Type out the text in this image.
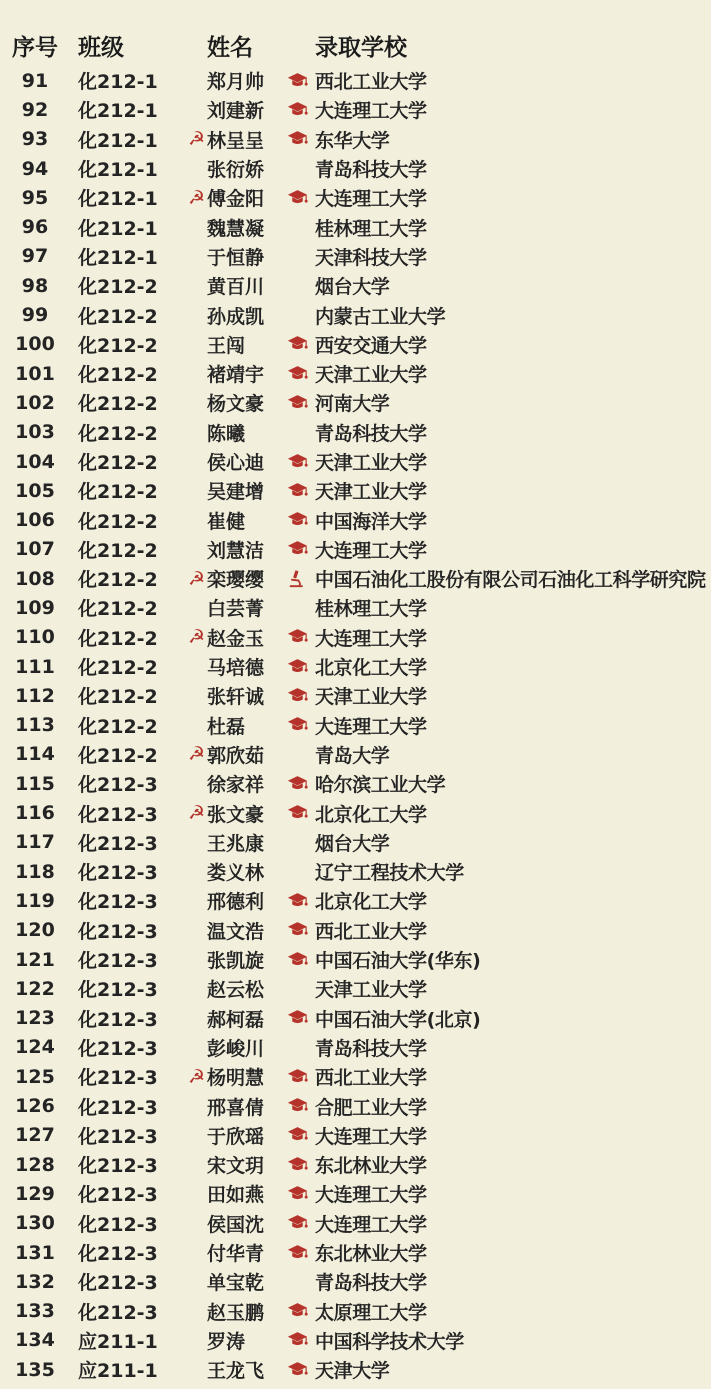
序号 班级	姓名	录取学校
91	化212-1	郑月帅	西北工业大学
92	化212-1	刘建新	大连理工大学
93	化212-1	☭ 林呈呈	东华大学
94	化212-1	张衍娇	青岛科技大学
95	化212-1	☭ 傅金阳	大连理工大学
96	化212-1	魏慧凝	桂林理工大学
97	化212-1	于恒静	天津科技大学
98	化212-2	黄百川	烟台大学
99	化212-2	孙成凯	内蒙古工业大学
100	化212-2	王闯	西安交通大学
101	化212-2	褚靖宇	天津工业大学
102	化212-2	杨文豪	河南大学
103	化212-2	陈曦	青岛科技大学
104	化212-2	侯心迪	天津工业大学
105	化212-2	吴建增	天津工业大学
106	化212-2	崔健	中国海洋大学
107	化212-2	刘慧洁	大连理工大学
108	化212-2	☭ 栾璎缨	中国石油化工股份有限公司石油化工科学研究院
109	化212-2	白芸菁	桂林理工大学
110	化212-2	☭ 赵金玉	大连理工大学
111	化212-2	马培德	北京化工大学
112	化212-2	张轩诚	天津工业大学
113	化212-2	杜磊	大连理工大学
114	化212-2	☭ 郭欣茹	青岛大学
115	化212-3	徐家祥	哈尔滨工业大学
116	化212-3	☭ 张文豪	北京化工大学
117	化212-3	王兆康	烟台大学
118	化212-3	娄义林	辽宁工程技术大学
119	化212-3	邢德利	北京化工大学
120	化212-3	温文浩	西北工业大学
121	化212-3	张凯旋	中国石油大学(华东)
122	化212-3	赵云松	天津工业大学
123	化212-3	郝柯磊	中国石油大学(北京)
124	化212-3	彭峻川	青岛科技大学
125	化212-3	☭ 杨明慧	西北工业大学
126	化212-3	邢喜倩	合肥工业大学
127	化212-3	于欣瑶	大连理工大学
128	化212-3	宋文玥	东北林业大学
129	化212-3	田如燕	大连理工大学
130	化212-3	侯国沈	大连理工大学
131	化212-3	付华青	东北林业大学
132	化212-3	单宝乾	青岛科技大学
133	化212-3	赵玉鹏	太原理工大学
134	应211-1	罗涛	中国科学技术大学
135	应211-1	王龙飞	天津大学
